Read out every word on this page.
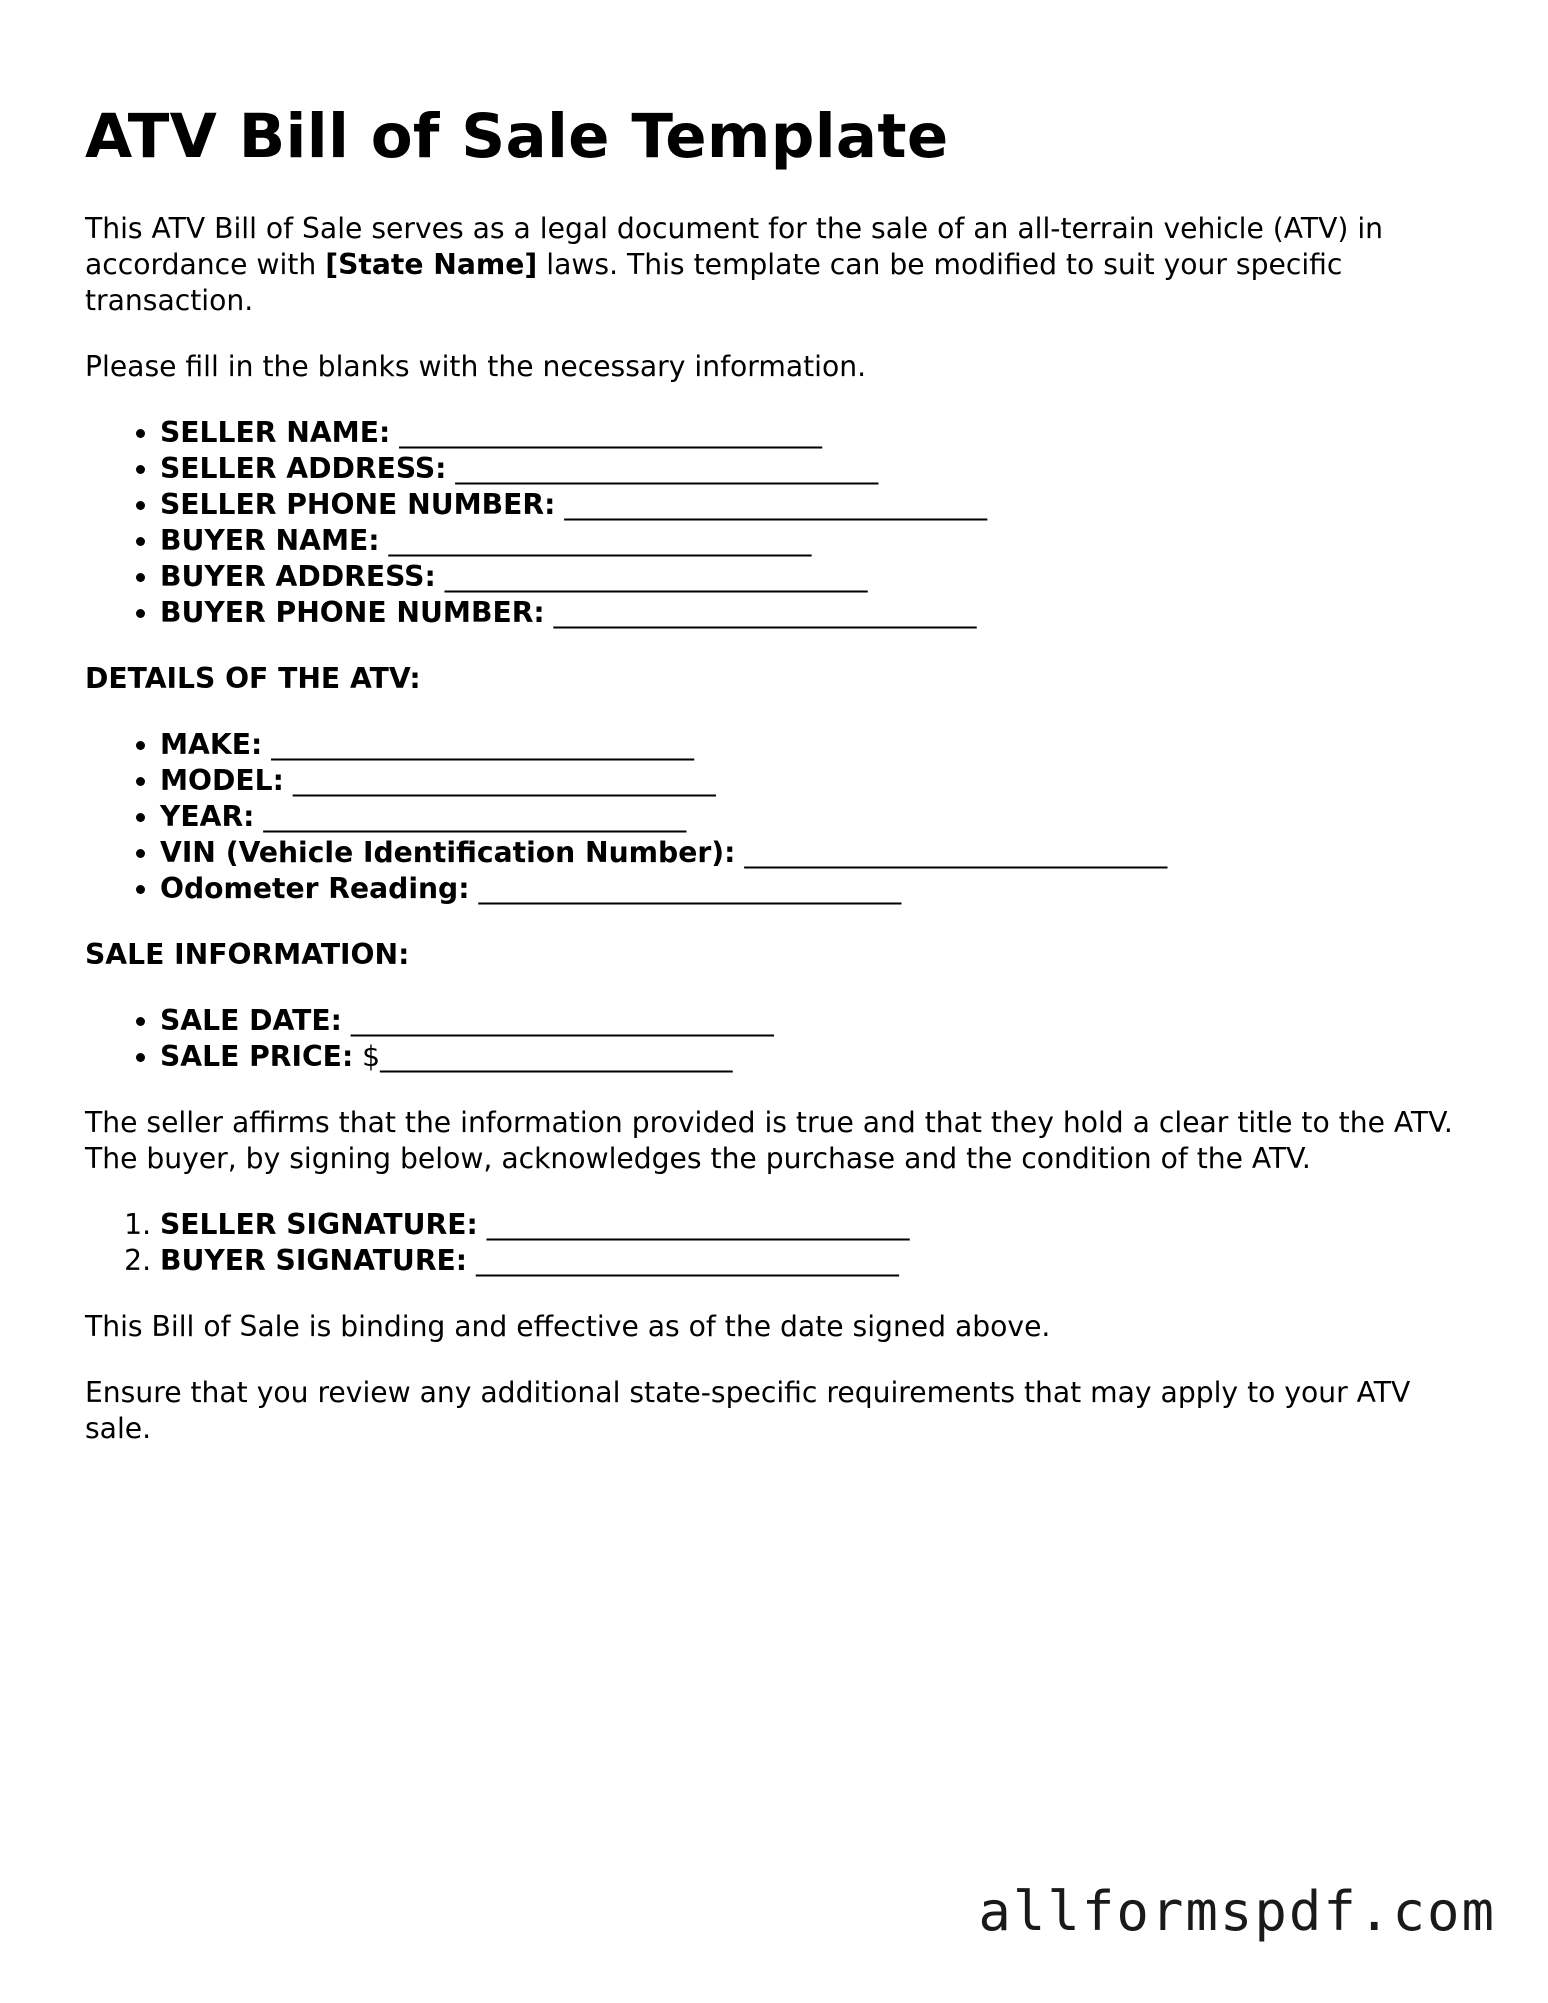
ATV Bill of Sale Template

This ATV Bill of Sale serves as a legal document for the sale of an all-terrain vehicle (ATV) in accordance with [State Name] laws. This template can be modified to suit your specific transaction.

Please fill in the blanks with the necessary information.

• SELLER NAME: ______________________________
• SELLER ADDRESS: ______________________________
• SELLER PHONE NUMBER: ______________________________
• BUYER NAME: ______________________________
• BUYER ADDRESS: ______________________________
• BUYER PHONE NUMBER: ______________________________

DETAILS OF THE ATV:

• MAKE: ______________________________
• MODEL: ______________________________
• YEAR: ______________________________
• VIN (Vehicle Identification Number): ______________________________
• Odometer Reading: ______________________________

SALE INFORMATION:

• SALE DATE: ______________________________
• SALE PRICE: $_________________________

The seller affirms that the information provided is true and that they hold a clear title to the ATV. The buyer, by signing below, acknowledges the purchase and the condition of the ATV.

1. SELLER SIGNATURE: ______________________________
2. BUYER SIGNATURE: ______________________________

This Bill of Sale is binding and effective as of the date signed above.

Ensure that you review any additional state-specific requirements that may apply to your ATV sale.

allformspdf.com
